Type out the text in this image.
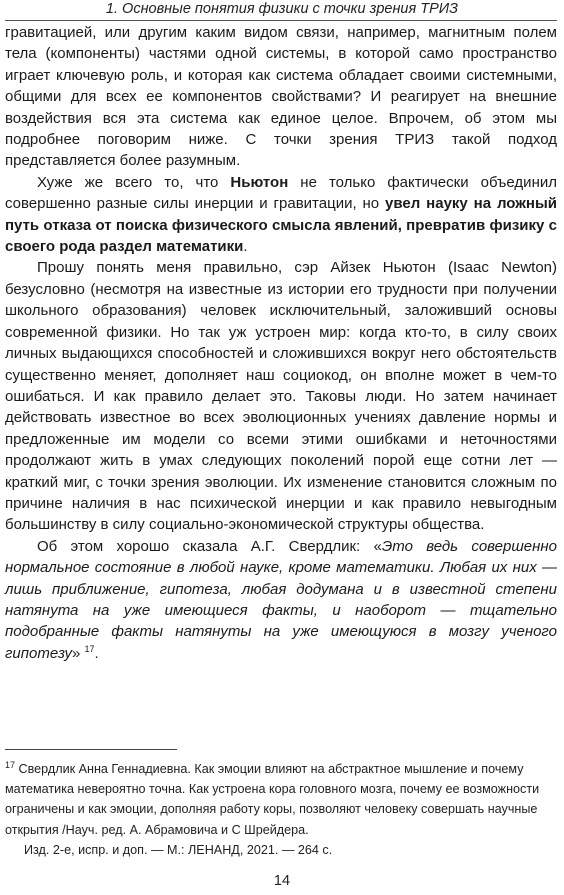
1. Основные понятия физики с точки зрения ТРИЗ

гравитацией, или другим каким видом связи, например, магнитным полем тела (компоненты) частями одной системы, в которой само пространство играет ключевую роль, и которая как система обладает своими системными, общими для всех ее компонентов свойствами? И реагирует на внешние воздействия вся эта система как единое целое. Впрочем, об этом мы подробнее поговорим ниже. С точки зрения ТРИЗ такой подход представляется более разумным.

Хуже же всего то, что Ньютон не только фактически объединил совершенно разные силы инерции и гравитации, но увел науку на ложный путь отказа от поиска физического смысла явлений, превратив физику с своего рода раздел математики.

Прошу понять меня правильно, сэр Айзек Ньютон (Isaac Newton) безусловно (несмотря на известные из истории его трудности при получении школьного образования) человек исключительный, заложивший основы современной физики. Но так уж устроен мир: когда кто-то, в силу своих личных выдающихся способностей и сложившихся вокруг него обстоятельств существенно меняет, дополняет наш социокод, он вполне может в чем-то ошибаться. И как правило делает это. Таковы люди. Но затем начинает действовать известное во всех эволюционных учениях давление нормы и предложенные им модели со всеми этими ошибками и неточностями продолжают жить в умах следующих поколений порой еще сотни лет — краткий миг, с точки зрения эволюции. Их изменение становится сложным по причине наличия в нас психической инерции и как правило невыгодным большинству в силу социально-экономической структуры общества.

Об этом хорошо сказала А.Г. Свердлик: «Это ведь совершенно нормальное состояние в любой науке, кроме математики. Любая их них — лишь приближение, гипотеза, любая додумана и в известной степени натянута на уже имеющиеся факты, и наоборот — тщательно подобранные факты натянуты на уже имеющуюся в мозгу ученого гипотезу» $^{17}$.

$^{17}$ Свердлик Анна Геннадиевна. Как эмоции влияют на абстрактное мышление и почему математика невероятно точна. Как устроена кора головного мозга, почему ее возможности ограничены и как эмоции, дополняя работу коры, позволяют человеку совершать научные открытия /Науч. ред. А. Абрамовича и С Шрейдера.

Изд. 2-е, испр. и доп. — М.: ЛЕНАНД, 2021. — 264 с.

14
